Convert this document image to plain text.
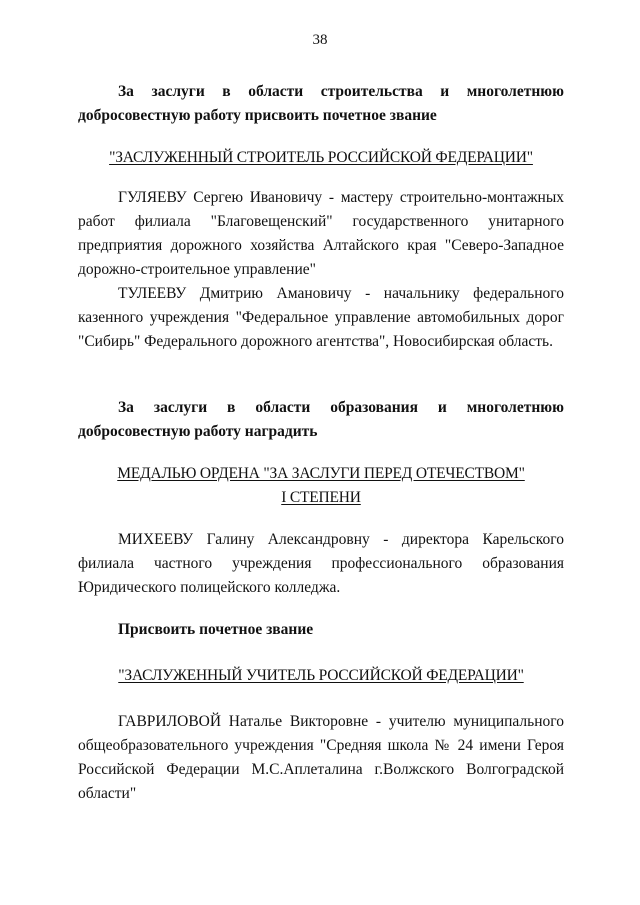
38
За заслуги в области строительства и многолетнюю добросовестную работу присвоить почетное звание
"ЗАСЛУЖЕННЫЙ СТРОИТЕЛЬ РОССИЙСКОЙ ФЕДЕРАЦИИ"

ГУЛЯЕВУ Сергею Ивановичу - мастеру строительно-монтажных работ филиала "Благовещенский" государственного унитарного предприятия дорожного хозяйства Алтайского края "Северо-Западное дорожно-строительное управление"

ТУЛЕЕВУ Дмитрию Амановичу - начальнику федерального казенного учреждения "Федеральное управление автомобильных дорог "Сибирь" Федерального дорожного агентства", Новосибирская область.

За заслуги в области образования и многолетнюю добросовестную работу наградить
МЕДАЛЬЮ ОРДЕНА "ЗА ЗАСЛУГИ ПЕРЕД ОТЕЧЕСТВОМ"
I СТЕПЕНИ

МИХЕЕВУ Галину Александровну - директора Карельского филиала частного учреждения профессионального образования Юридического полицейского колледжа.

Присвоить почетное звание
"ЗАСЛУЖЕННЫЙ УЧИТЕЛЬ РОССИЙСКОЙ ФЕДЕРАЦИИ"

ГАВРИЛОВОЙ Наталье Викторовне - учителю муниципального общеобразовательного учреждения "Средняя школа № 24 имени Героя Российской Федерации М.С.Аплеталина г.Волжского Волгоградской области"
